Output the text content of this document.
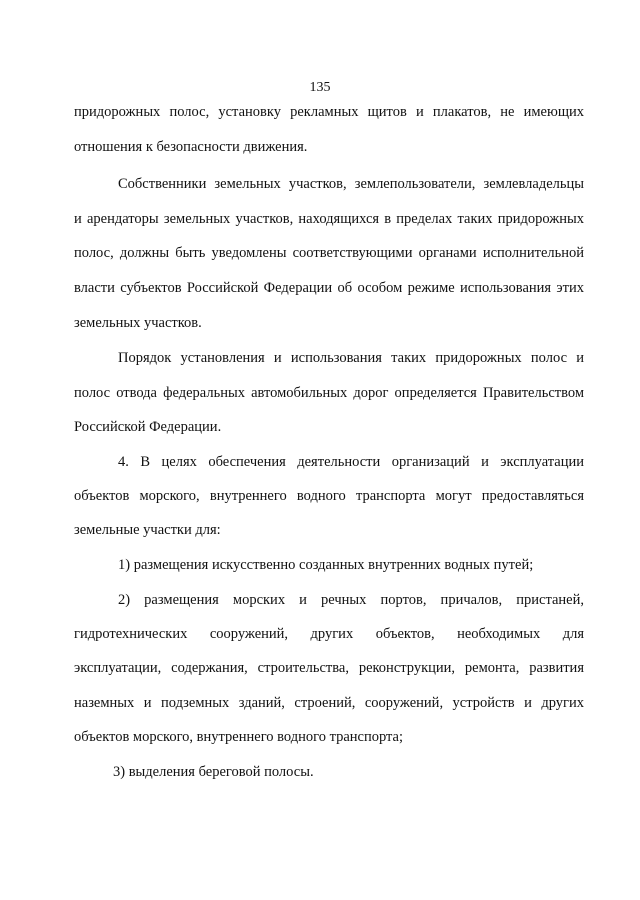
135
придорожных полос, установку рекламных щитов и плакатов, не имеющих
отношения к безопасности движения.
Собственники земельных участков, землепользователи, землевладельцы
и арендаторы земельных участков, находящихся в пределах таких придорожных
полос, должны быть уведомлены соответствующими органами исполнительной
власти субъектов Российской Федерации об особом режиме использования этих
земельных участков.
Порядок установления и использования таких придорожных полос и
полос отвода федеральных автомобильных дорог определяется Правительством
Российской Федерации.
4. В целях обеспечения деятельности организаций и эксплуатации
объектов морского, внутреннего водного транспорта могут предоставляться
земельные участки для:
1) размещения искусственно созданных внутренних водных путей;
2) размещения морских и речных портов, причалов, пристаней,
гидротехнических сооружений, других объектов, необходимых для
эксплуатации, содержания, строительства, реконструкции, ремонта, развития
наземных и подземных зданий, строений, сооружений, устройств и других
объектов морского, внутреннего водного транспорта;
3) выделения береговой полосы.
